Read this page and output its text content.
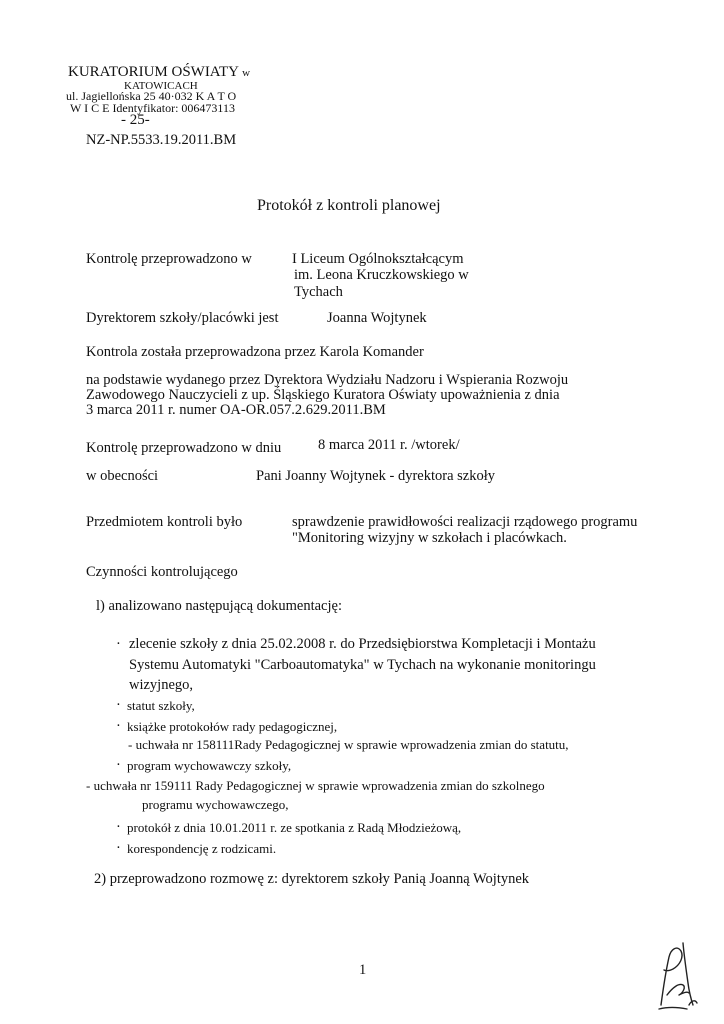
KURATORIUM OŚWIATY w
KATOWICACH
ul. Jagiellońska 25 40·032 K A T O
W I C E Identyfikator: 006473113
- 25-
NZ-NP.5533.19.2011.BM
Protokół z kontroli planowej
Kontrolę przeprowadzono w	I Liceum Ogólnokształcącym
im. Leona Kruczkowskiego w
Tychach
Dyrektorem szkoły/placówki jest	Joanna Wojtynek
Kontrola została przeprowadzona przez Karola Komander
na podstawie wydanego przez Dyrektora Wydziału Nadzoru i Wspierania Rozwoju
Zawodowego Nauczycieli z up. Śląskiego Kuratora Oświaty upoważnienia z dnia
3 marca 2011 r. numer OA-OR.057.2.629.2011.BM
Kontrolę przeprowadzono w dniu	8 marca 2011 r. /wtorek/
w obecności	Pani Joanny Wojtynek - dyrektora szkoły
Przedmiotem kontroli było	sprawdzenie prawidłowości realizacji rządowego programu
"Monitoring wizyjny w szkołach i placówkach.
Czynności kontrolującego
l) analizowano następującą dokumentację:
· zlecenie szkoły z dnia 25.02.2008 r. do Przedsiębiorstwa Kompletacji i Montażu
Systemu Automatyki "Carboautomatyka" w Tychach na wykonanie monitoringu
wizyjnego,
· statut szkoły,
· książke protokołów rady pedagogicznej,
- uchwała nr 158111Rady Pedagogicznej w sprawie wprowadzenia zmian do statutu,
· program wychowawczy szkoły,
- uchwała nr 159111 Rady Pedagogicznej w sprawie wprowadzenia zmian do szkolnego
programu wychowawczego,
· protokół z dnia 10.01.2011 r. ze spotkania z Radą Młodzieżową,
· korespondencję z rodzicami.
2) przeprowadzono rozmowę z: dyrektorem szkoły Panią Joanną Wojtynek
1
